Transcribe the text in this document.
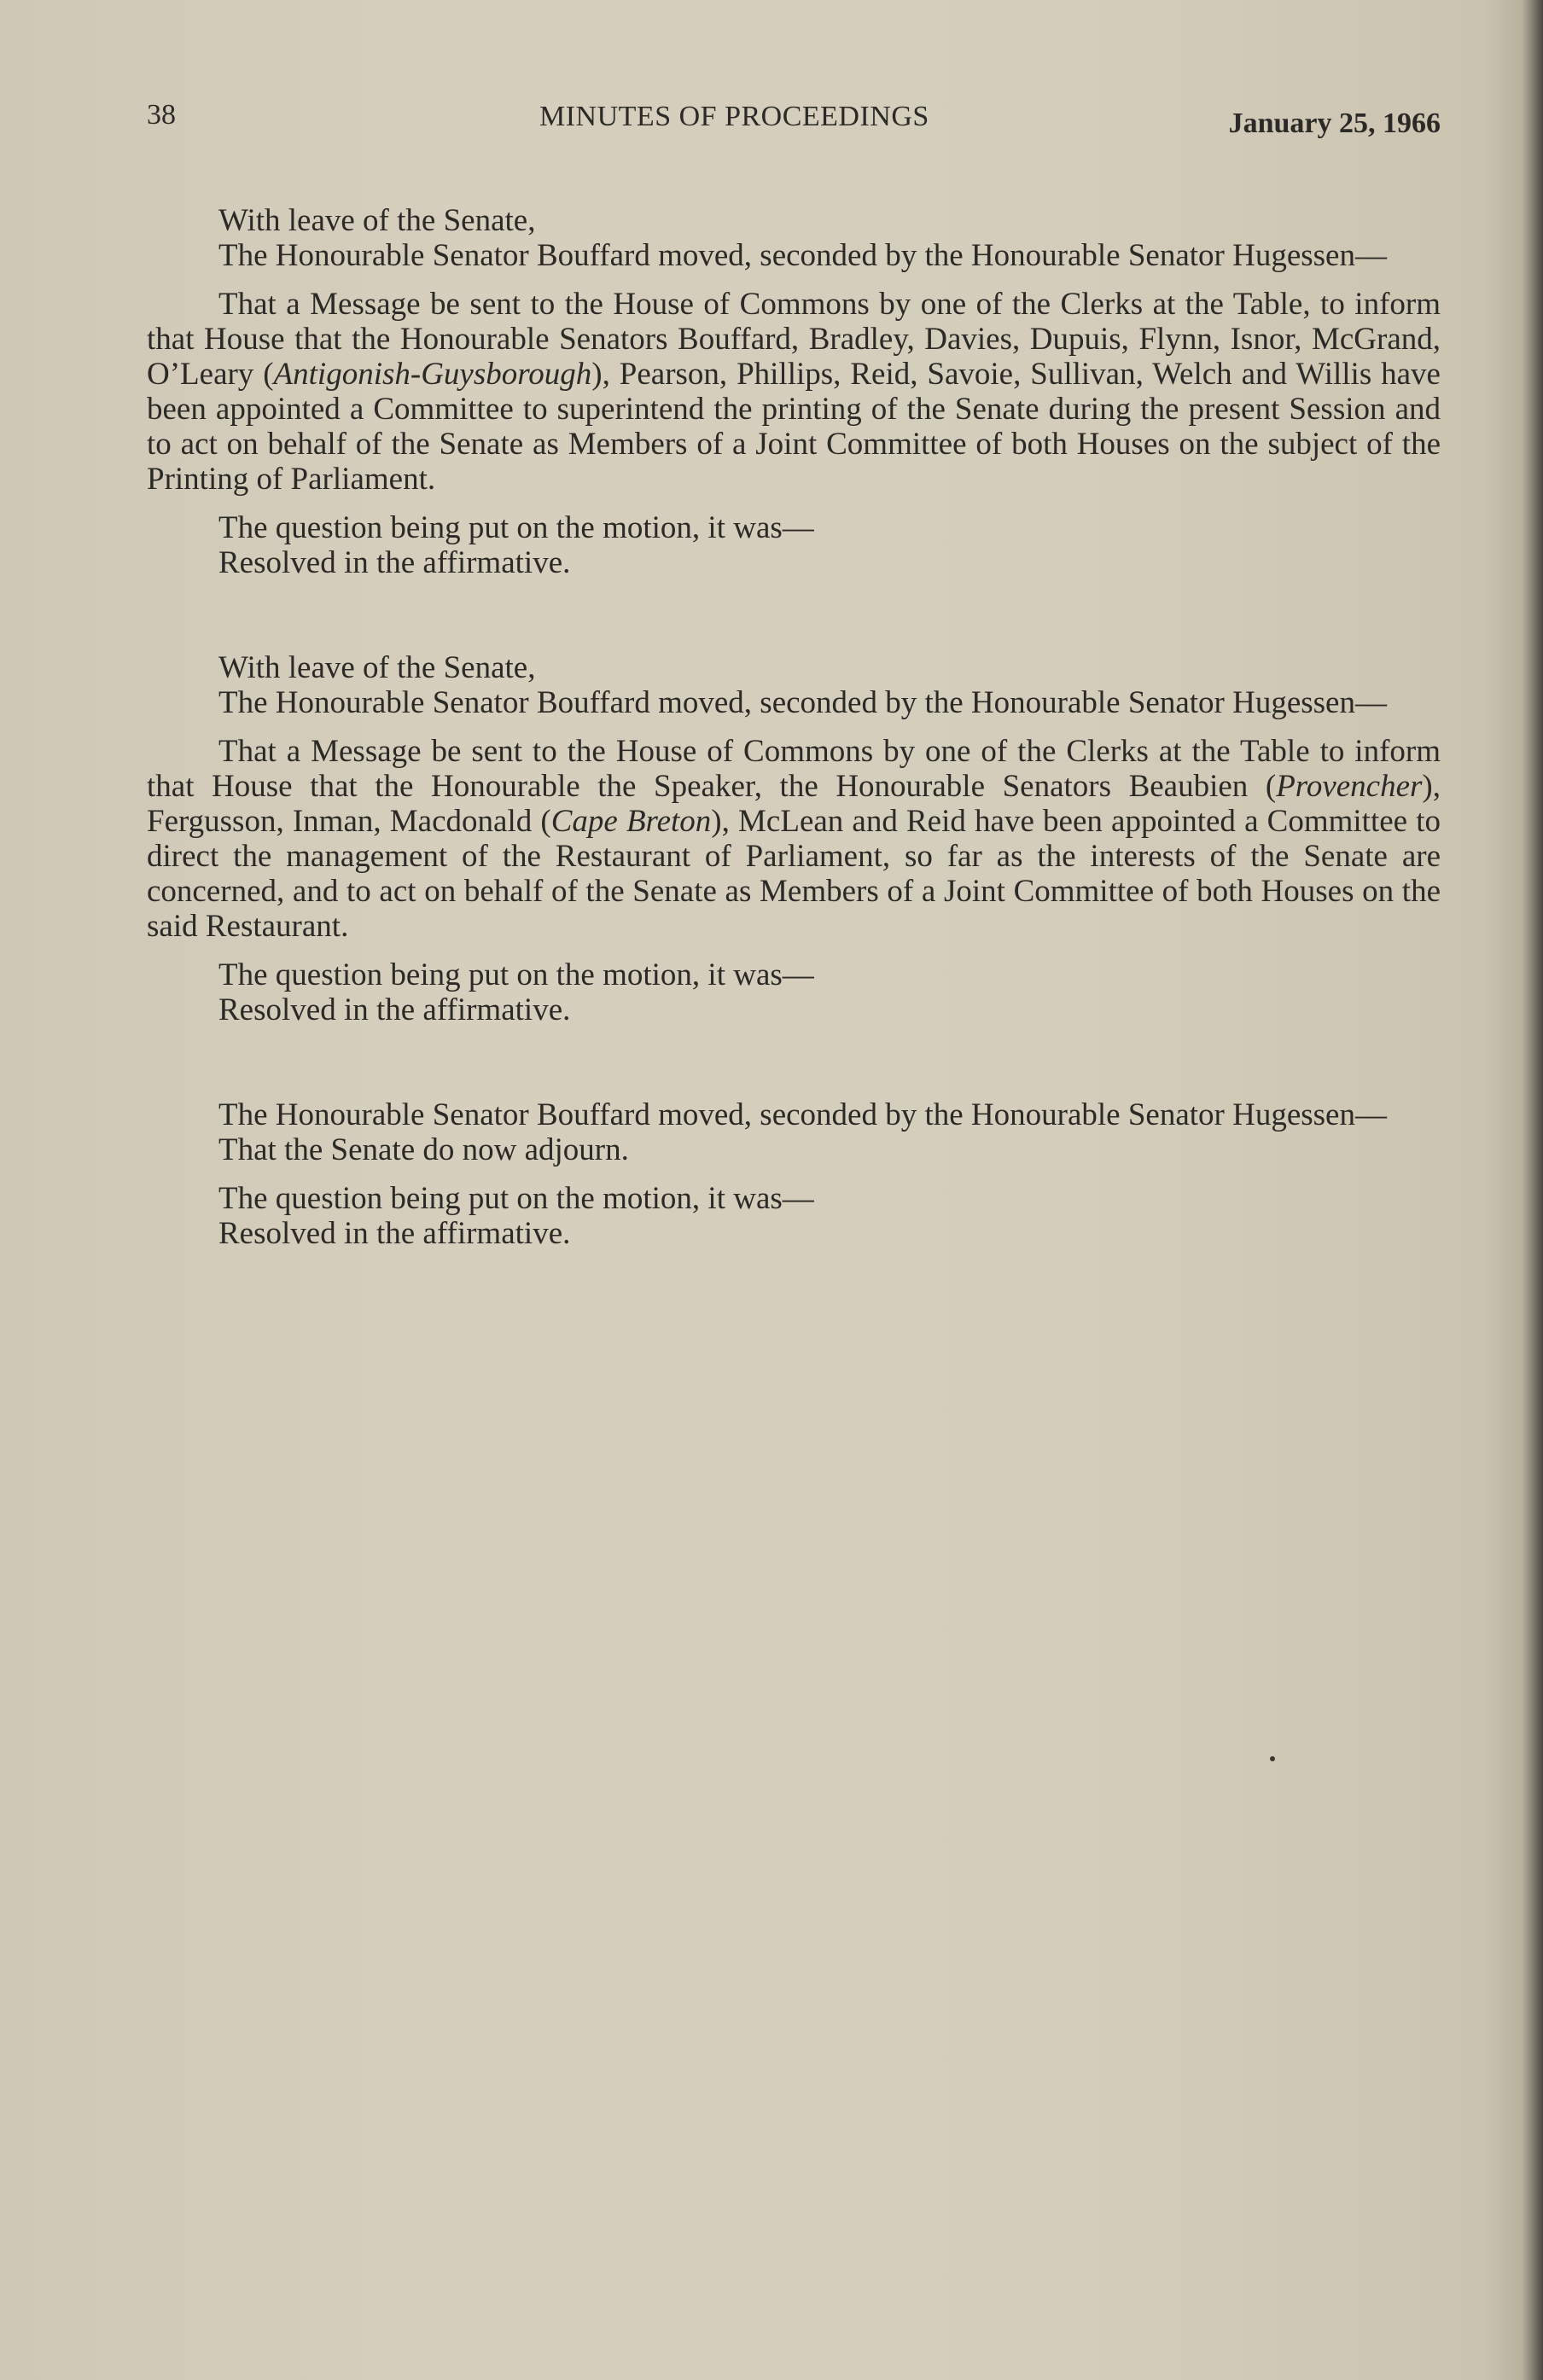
38	MINUTES OF PROCEEDINGS	January 25, 1966

With leave of the Senate,

The Honourable Senator Bouffard moved, seconded by the Honourable Senator Hugessen—

That a Message be sent to the House of Commons by one of the Clerks at the Table, to inform that House that the Honourable Senators Bouffard, Bradley, Davies, Dupuis, Flynn, Isnor, McGrand, O’Leary (Antigonish-Guysborough), Pearson, Phillips, Reid, Savoie, Sullivan, Welch and Willis have been appointed a Committee to superintend the printing of the Senate during the present Session and to act on behalf of the Senate as Members of a Joint Committee of both Houses on the subject of the Printing of Parliament.

The question being put on the motion, it was—

Resolved in the affirmative.

With leave of the Senate,

The Honourable Senator Bouffard moved, seconded by the Honourable Senator Hugessen—

That a Message be sent to the House of Commons by one of the Clerks at the Table to inform that House that the Honourable the Speaker, the Honourable Senators Beaubien (Provencher), Fergusson, Inman, Macdonald (Cape Breton), McLean and Reid have been appointed a Committee to direct the management of the Restaurant of Parliament, so far as the interests of the Senate are concerned, and to act on behalf of the Senate as Members of a Joint Committee of both Houses on the said Restaurant.

The question being put on the motion, it was—

Resolved in the affirmative.

The Honourable Senator Bouffard moved, seconded by the Honourable Senator Hugessen—

That the Senate do now adjourn.

The question being put on the motion, it was—

Resolved in the affirmative.
